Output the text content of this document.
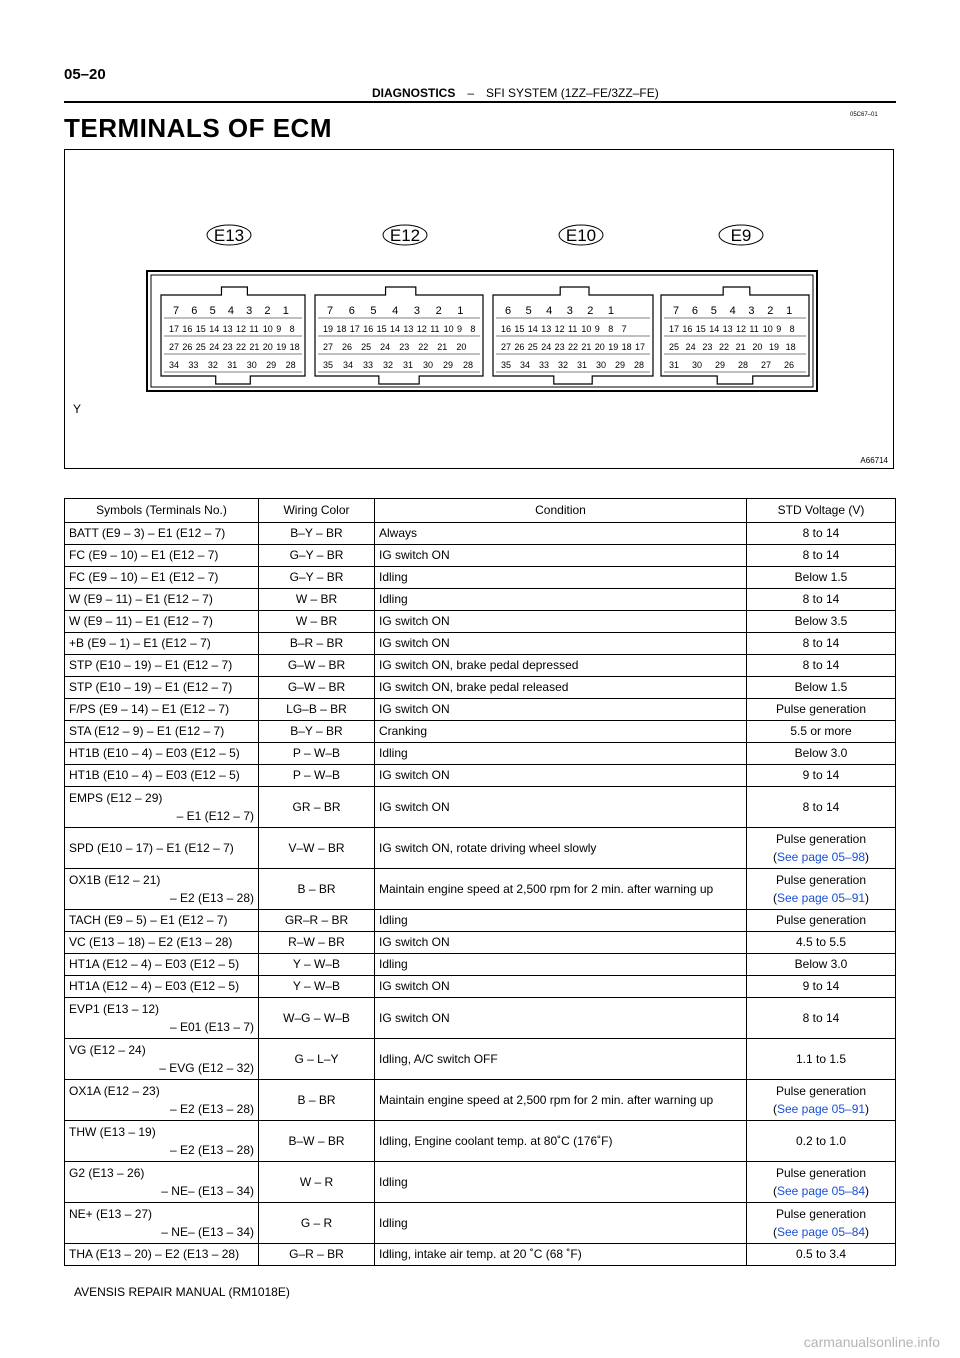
05–20
DIAGNOSTICS – SFI SYSTEM (1ZZ–FE/3ZZ–FE)
05C67–01
TERMINALS OF ECM
E13
7 6 5 4 3 2 1
17 16 15 14 13 12 11 10 9 8
27 26 25 24 23 22 21 20 19 18
34 33 32 31 30 29 28
E12
7 6 5 4 3 2 1
19 18 17 16 15 14 13 12 11 10 9 8
27 26 25 24 23 22 21 20
35 34 33 32 31 30 29 28
E10
6 5 4 3 2 1
16 15 14 13 12 11 10 9 8 7
27 26 25 24 23 22 21 20 19 18 17
35 34 33 32 31 30 29 28
E9
7 6 5 4 3 2 1
17 16 15 14 13 12 11 10 9 8
25 24 23 22 21 20 19 18
31 30 29 28 27 26
Y
A66714
Symbols (Terminals No.)	Wiring Color	Condition	STD Voltage (V)
BATT (E9 – 3) – E1 (E12 – 7)	B–Y – BR	Always	8 to 14
FC (E9 – 10) – E1 (E12 – 7)	G–Y – BR	IG switch ON	8 to 14
FC (E9 – 10) – E1 (E12 – 7)	G–Y – BR	Idling	Below 1.5
W (E9 – 11) – E1 (E12 – 7)	W – BR	Idling	8 to 14
W (E9 – 11) – E1 (E12 – 7)	W – BR	IG switch ON	Below 3.5
+B (E9 – 1) – E1 (E12 – 7)	B–R – BR	IG switch ON	8 to 14
STP (E10 – 19) – E1 (E12 – 7)	G–W – BR	IG switch ON, brake pedal depressed	8 to 14
STP (E10 – 19) – E1 (E12 – 7)	G–W – BR	IG switch ON, brake pedal released	Below 1.5
F/PS (E9 – 14) – E1 (E12 – 7)	LG–B – BR	IG switch ON	Pulse generation
STA (E12 – 9) – E1 (E12 – 7)	B–Y – BR	Cranking	5.5 or more
HT1B (E10 – 4) – E03 (E12 – 5)	P – W–B	Idling	Below 3.0
HT1B (E10 – 4) – E03 (E12 – 5)	P – W–B	IG switch ON	9 to 14

EMPS (E12 – 29)
– E1 (E12 – 7)	GR – BR	IG switch ON	8 to 14
SPD (E10 – 17) – E1 (E12 – 7)	V–W – BR	IG switch ON, rotate driving wheel slowly	Pulse generation
(See page 05–98)

OX1B (E12 – 21)
– E2 (E13 – 28)	B – BR	Maintain engine speed at 2,500 rpm for 2 min. after warning up	Pulse generation
(See page 05–91)

TACH (E9 – 5) – E1 (E12 – 7)	GR–R – BR	Idling	Pulse generation
VC (E13 – 18) – E2 (E13 – 28)	R–W – BR	IG switch ON	4.5 to 5.5
HT1A (E12 – 4) – E03 (E12 – 5)	Y – W–B	Idling	Below 3.0
HT1A (E12 – 4) – E03 (E12 – 5)	Y – W–B	IG switch ON	9 to 14

EVP1 (E13 – 12)
– E01 (E13 – 7)	W–G – W–B	IG switch ON	8 to 14

VG (E12 – 24)
– EVG (E12 – 32)	G – L–Y	Idling, A/C switch OFF	1.1 to 1.5

OX1A (E12 – 23)
– E2 (E13 – 28)	B – BR	Maintain engine speed at 2,500 rpm for 2 min. after warning up	Pulse generation
(See page 05–91)

THW (E13 – 19)
– E2 (E13 – 28)	B–W – BR	Idling, Engine coolant temp. at 80˚C (176˚F)	0.2 to 1.0

G2 (E13 – 26)
– NE– (E13 – 34)	W – R	Idling	Pulse generation
(See page 05–84)

NE+ (E13 – 27)
– NE– (E13 – 34)	G – R	Idling	Pulse generation
(See page 05–84)

THA (E13 – 20) – E2 (E13 – 28)	G–R – BR	Idling, intake air temp. at 20 ˚C (68 ˚F)	0.5 to 3.4
AVENSIS REPAIR MANUAL (RM1018E)
carmanualsonline.info
